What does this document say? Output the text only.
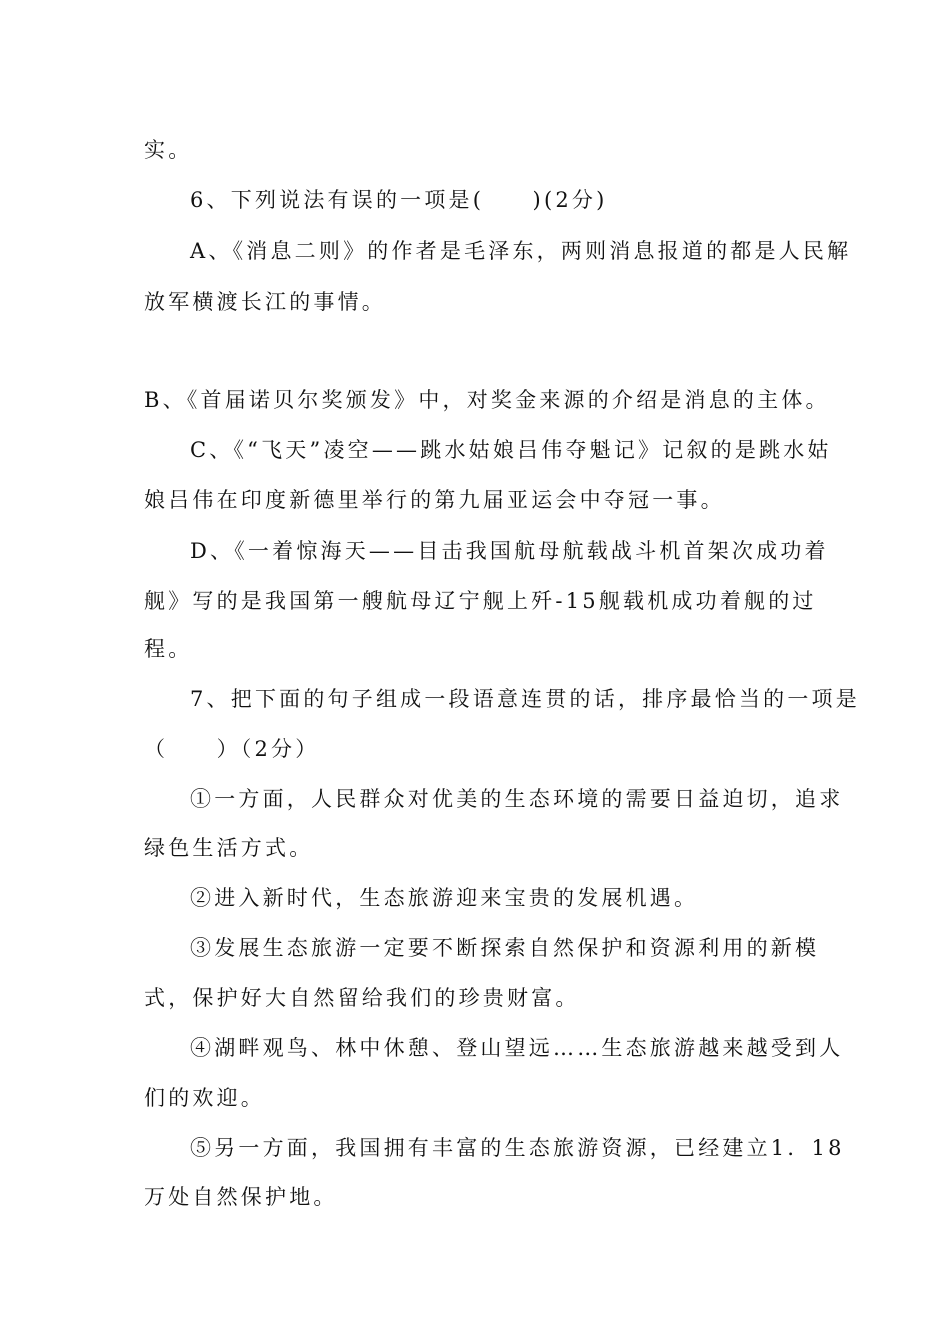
实。
6、下列说法有误的一项是(　　)(2分)
A、《消息二则》的作者是毛泽东，两则消息报道的都是人民解
放军横渡长江的事情。
B、《首届诺贝尔奖颁发》中，对奖金来源的介绍是消息的主体。
C、《“飞天”凌空——跳水姑娘吕伟夺魁记》记叙的是跳水姑
娘吕伟在印度新德里举行的第九届亚运会中夺冠一事。
D、《一着惊海天——目击我国航母航载战斗机首架次成功着
舰》写的是我国第一艘航母辽宁舰上歼-15舰载机成功着舰的过
程。
7、把下面的句子组成一段语意连贯的话，排序最恰当的一项是
（　　）（2分）
①一方面，人民群众对优美的生态环境的需要日益迫切，追求
绿色生活方式。
②进入新时代，生态旅游迎来宝贵的发展机遇。
③发展生态旅游一定要不断探索自然保护和资源利用的新模
式，保护好大自然留给我们的珍贵财富。
④湖畔观鸟、林中休憩、登山望远……生态旅游越来越受到人
们的欢迎。
⑤另一方面，我国拥有丰富的生态旅游资源，已经建立1．18
万处自然保护地。
